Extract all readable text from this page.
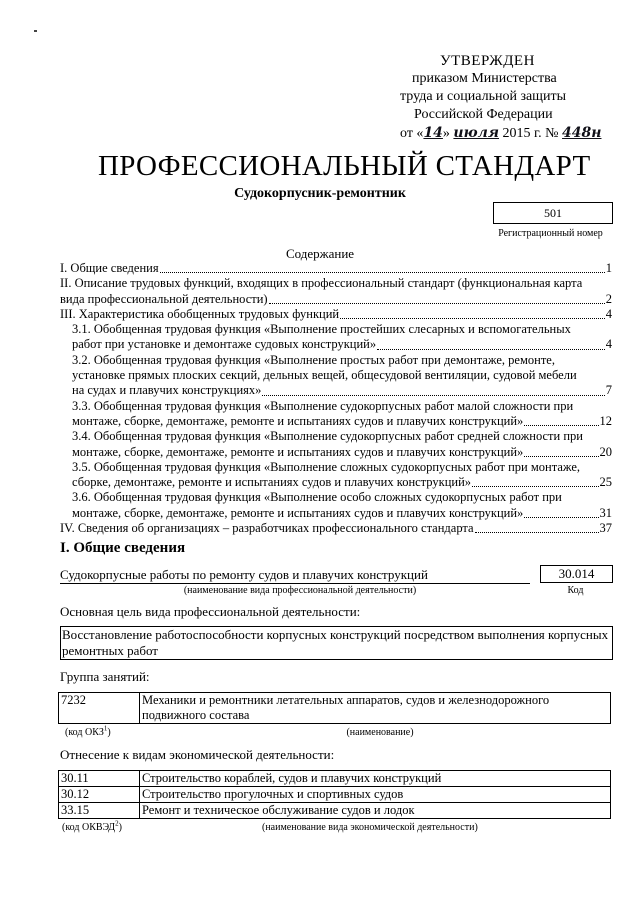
УТВЕРЖДЕН
приказом Министерства
труда и социальной защиты
Российской Федерации
от «14» июля 2015 г. № 448н
ПРОФЕССИОНАЛЬНЫЙ СТАНДАРТ
Судокорпусник-ремонтник
501
Регистрационный номер
Содержание
I. Общие сведения	1
II. Описание трудовых функций, входящих в профессиональный стандарт (функциональная карта
вида профессиональной деятельности)	2
III. Характеристика обобщенных трудовых функций	4
3.1. Обобщенная трудовая функция «Выполнение простейших слесарных и вспомогательных
работ при установке и демонтаже судовых конструкций»	4
3.2. Обобщенная трудовая функция «Выполнение простых работ при демонтаже, ремонте,
установке прямых плоских секций, дельных вещей, общесудовой вентиляции, судовой мебели
на судах и плавучих конструкциях»	7
3.3. Обобщенная трудовая функция «Выполнение судокорпусных работ малой сложности при
монтаже, сборке, демонтаже, ремонте и испытаниях судов и плавучих конструкций»	12
3.4. Обобщенная трудовая функция «Выполнение судокорпусных работ средней сложности при
монтаже, сборке, демонтаже, ремонте и испытаниях судов и плавучих конструкций»	20
3.5. Обобщенная трудовая функция «Выполнение сложных судокорпусных работ при монтаже,
сборке, демонтаже, ремонте и испытаниях судов и плавучих конструкций»	25
3.6. Обобщенная трудовая функция «Выполнение особо сложных судокорпусных работ при
монтаже, сборке, демонтаже, ремонте и испытаниях судов и плавучих конструкций»	31
IV. Сведения об организациях – разработчиках профессионального стандарта	37
I. Общие сведения
Судокорпусные работы по ремонту судов и плавучих конструкций	30.014
(наименование вида профессиональной деятельности)	Код
Основная цель вида профессиональной деятельности:
Восстановление работоспособности корпусных конструкций посредством выполнения корпусных
ремонтных работ
Группа занятий:
7232	Механики и ремонтники летательных аппаратов, судов и железнодорожного
подвижного состава
(код ОКЗ$^1$)	(наименование)
Отнесение к видам экономической деятельности:
30.11	Строительство кораблей, судов и плавучих конструкций
30.12	Строительство прогулочных и спортивных судов
33.15	Ремонт и техническое обслуживание судов и лодок
(код ОКВЭД$^2$)	(наименование вида экономической деятельности)
